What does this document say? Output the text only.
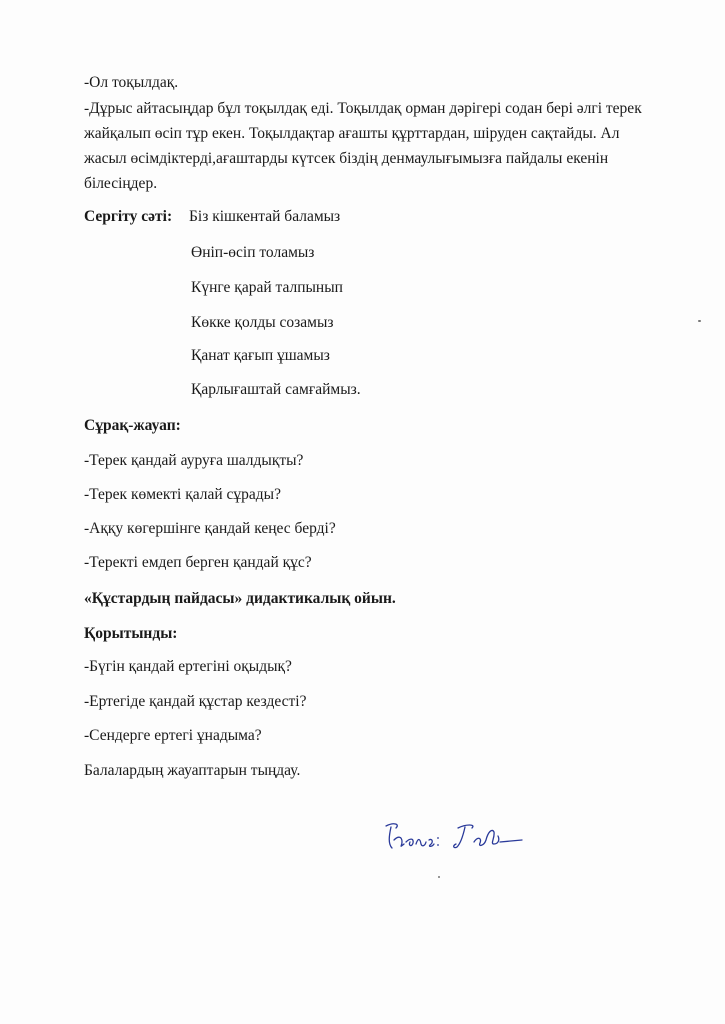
-Ол тоқылдақ.

-Дұрыс айтасыңдар бұл тоқылдақ еді. Тоқылдақ орман дәрігері содан бері әлгі терек жайқалып өсіп тұр екен. Тоқылдақтар ағашты құрттардан, шіруден сақтайды. Ал жасыл өсімдіктерді,ағаштарды күтсек біздің денмаулығымызға пайдалы екенін білесіңдер.

Сергіту сәті: Біз кішкентай баламыз

Өніп-өсіп толамыз

Күнге қарай талпынып

Көкке қолды созамыз

Қанат қағып ұшамыз

Қарлығаштай самғаймыз.

Сұрақ-жауап:

-Терек қандай ауруға шалдықты?

-Терек көмекті қалай сұрады?

-Аққу көгершінге қандай кеңес берді?

-Теректі емдеп берген қандай құс?

«Құстардың пайдасы» дидактикалық ойын.

Қорытынды:

-Бүгін қандай ертегіні оқыдық?

-Ертегіде қандай құстар кездесті?

-Сендерге ертегі ұнадыма?

Балалардың жауаптарын тыңдау.
